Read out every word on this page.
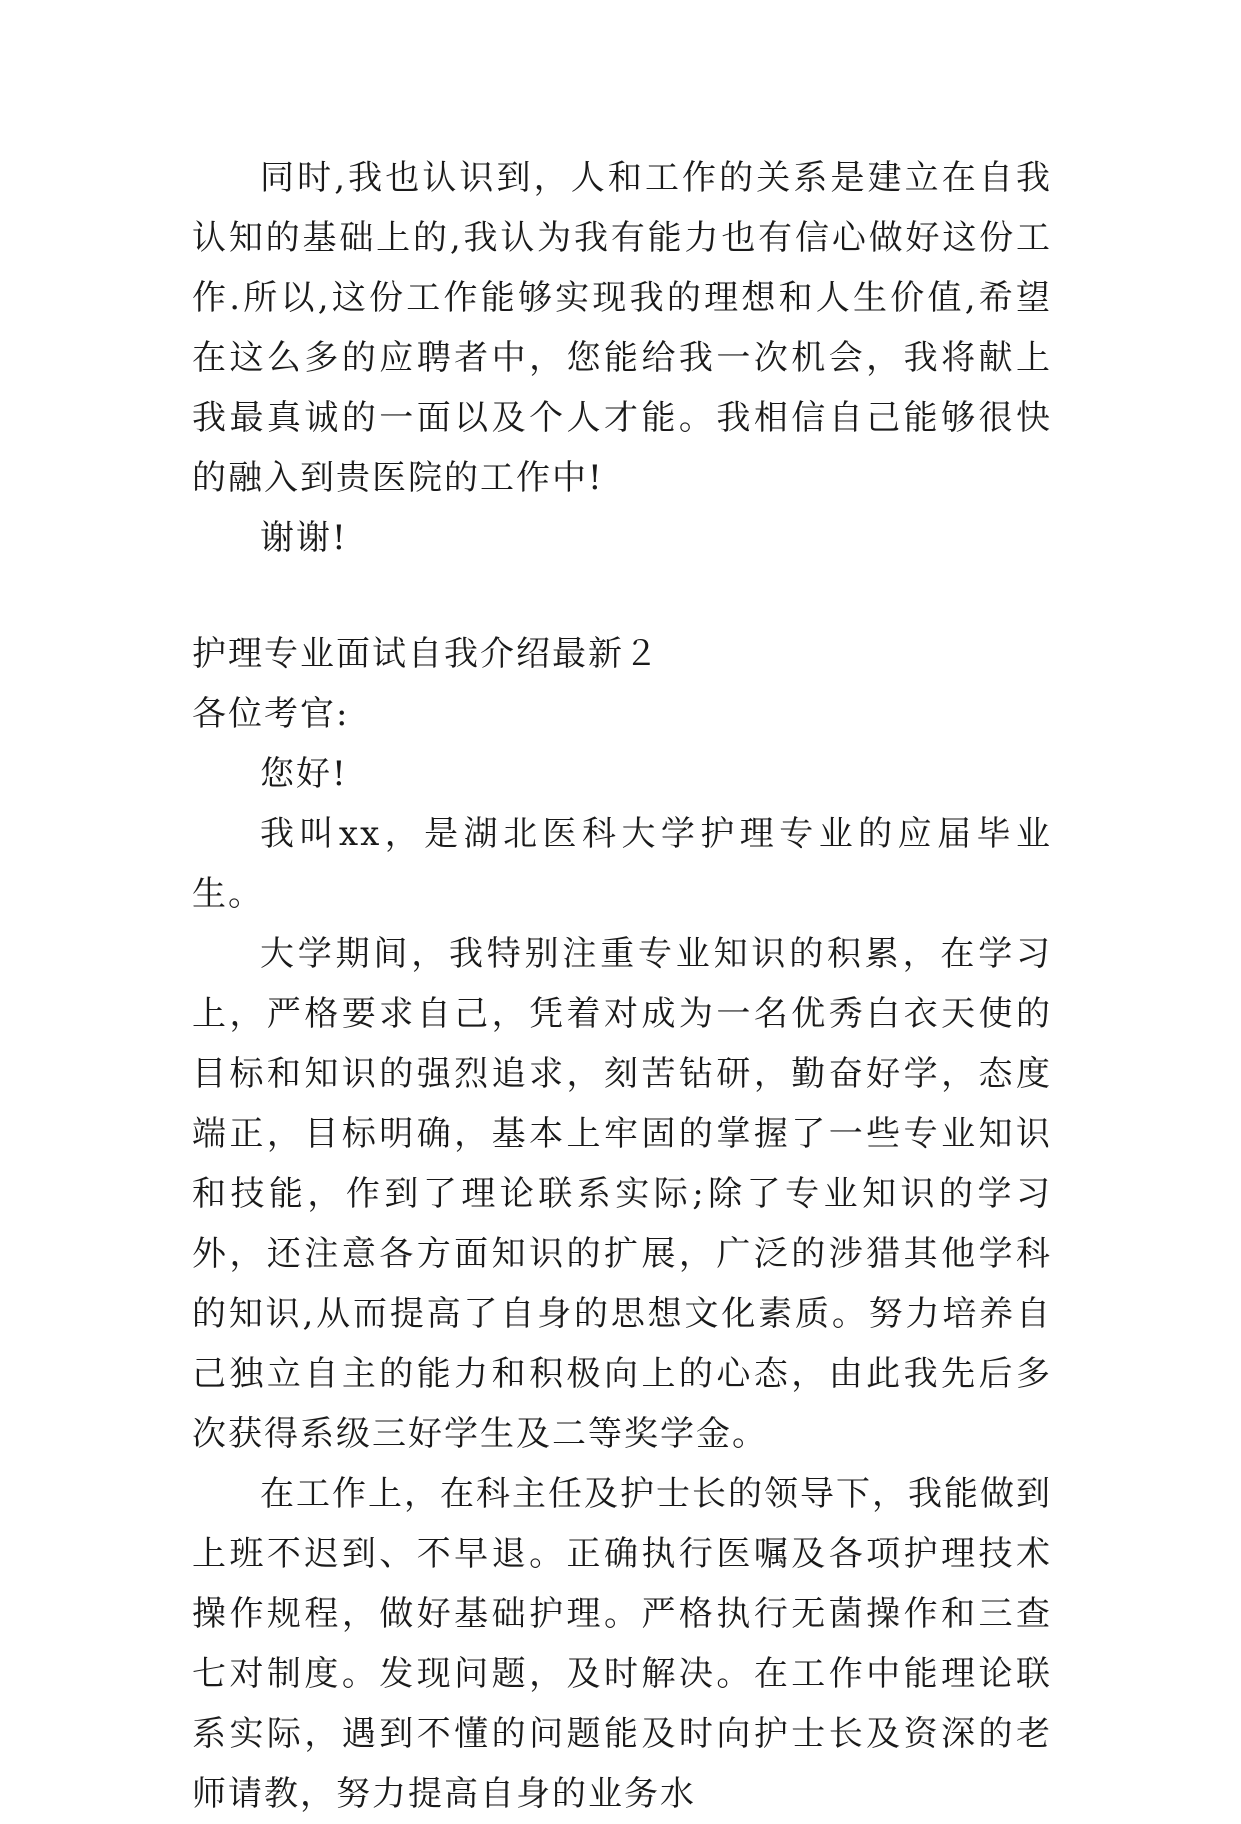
同时,我也认识到，人和工作的关系是建立在自我认知的基础上的,我认为我有能力也有信心做好这份工作.所以,这份工作能够实现我的理想和人生价值,希望在这么多的应聘者中，您能给我一次机会，我将献上我最真诚的一面以及个人才能。我相信自己能够很快的融入到贵医院的工作中!

谢谢!

护理专业面试自我介绍最新２

各位考官:

您好!

我叫xx，是湖北医科大学护理专业的应届毕业生。

大学期间，我特别注重专业知识的积累，在学习上，严格要求自己，凭着对成为一名优秀白衣天使的目标和知识的强烈追求，刻苦钻研，勤奋好学，态度端正，目标明确，基本上牢固的掌握了一些专业知识和技能，作到了理论联系实际;除了专业知识的学习外，还注意各方面知识的扩展，广泛的涉猎其他学科的知识,从而提高了自身的思想文化素质。努力培养自己独立自主的能力和积极向上的心态，由此我先后多次获得系级三好学生及二等奖学金。

在工作上，在科主任及护士长的领导下，我能做到上班不迟到、不早退。正确执行医嘱及各项护理技术操作规程，做好基础护理。严格执行无菌操作和三查七对制度。发现问题，及时解决。在工作中能理论联系实际，遇到不懂的问题能及时向护士长及资深的老师请教，努力提高自身的业务水
